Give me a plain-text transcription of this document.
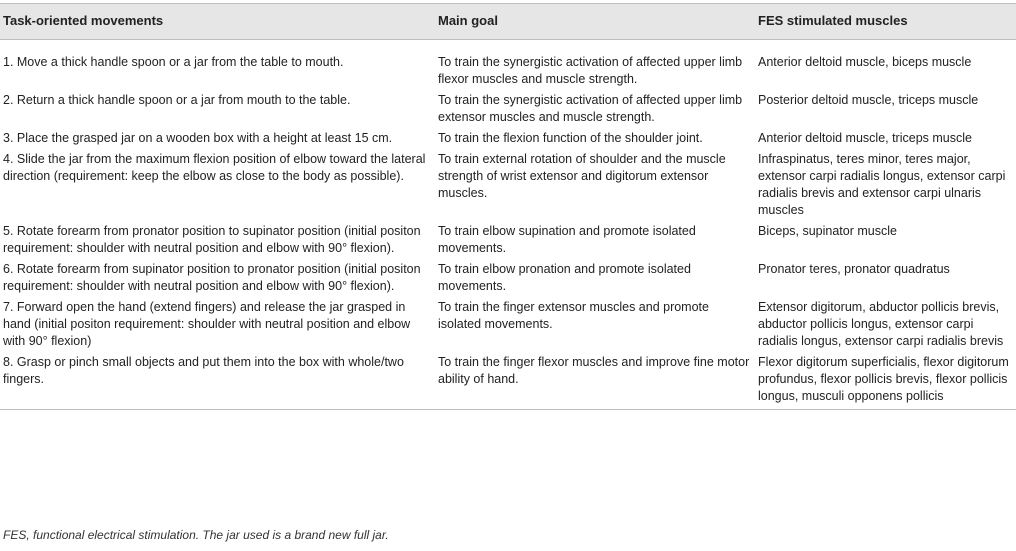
Task-oriented movements	Main goal	FES stimulated muscles
1. Move a thick handle spoon or a jar from the table to mouth.	To train the synergistic activation of affected upper limb flexor muscles and muscle strength.	Anterior deltoid muscle, biceps muscle
2. Return a thick handle spoon or a jar from mouth to the table.	To train the synergistic activation of affected upper limb extensor muscles and muscle strength.	Posterior deltoid muscle, triceps muscle
3. Place the grasped jar on a wooden box with a height at least 15 cm.	To train the flexion function of the shoulder joint.	Anterior deltoid muscle, triceps muscle
4. Slide the jar from the maximum flexion position of elbow toward the lateral direction (requirement: keep the elbow as close to the body as possible).	To train external rotation of shoulder and the muscle strength of wrist extensor and digitorum extensor muscles.	Infraspinatus, teres minor, teres major, extensor carpi radialis longus, extensor carpi radialis brevis and extensor carpi ulnaris muscles
5. Rotate forearm from pronator position to supinator position (initial positon requirement: shoulder with neutral position and elbow with 90° flexion).	To train elbow supination and promote isolated movements.	Biceps, supinator muscle
6. Rotate forearm from supinator position to pronator position (initial positon requirement: shoulder with neutral position and elbow with 90° flexion).	To train elbow pronation and promote isolated movements.	Pronator teres, pronator quadratus
7. Forward open the hand (extend fingers) and release the jar grasped in hand (initial positon requirement: shoulder with neutral position and elbow with 90° flexion)	To train the finger extensor muscles and promote isolated movements.	Extensor digitorum, abductor pollicis brevis, abductor pollicis longus, extensor carpi radialis longus, extensor carpi radialis brevis
8. Grasp or pinch small objects and put them into the box with whole/two fingers.	To train the finger flexor muscles and improve fine motor ability of hand.	Flexor digitorum superficialis, flexor digitorum profundus, flexor pollicis brevis, flexor pollicis longus, musculi opponens pollicis
FES, functional electrical stimulation. The jar used is a brand new full jar.
